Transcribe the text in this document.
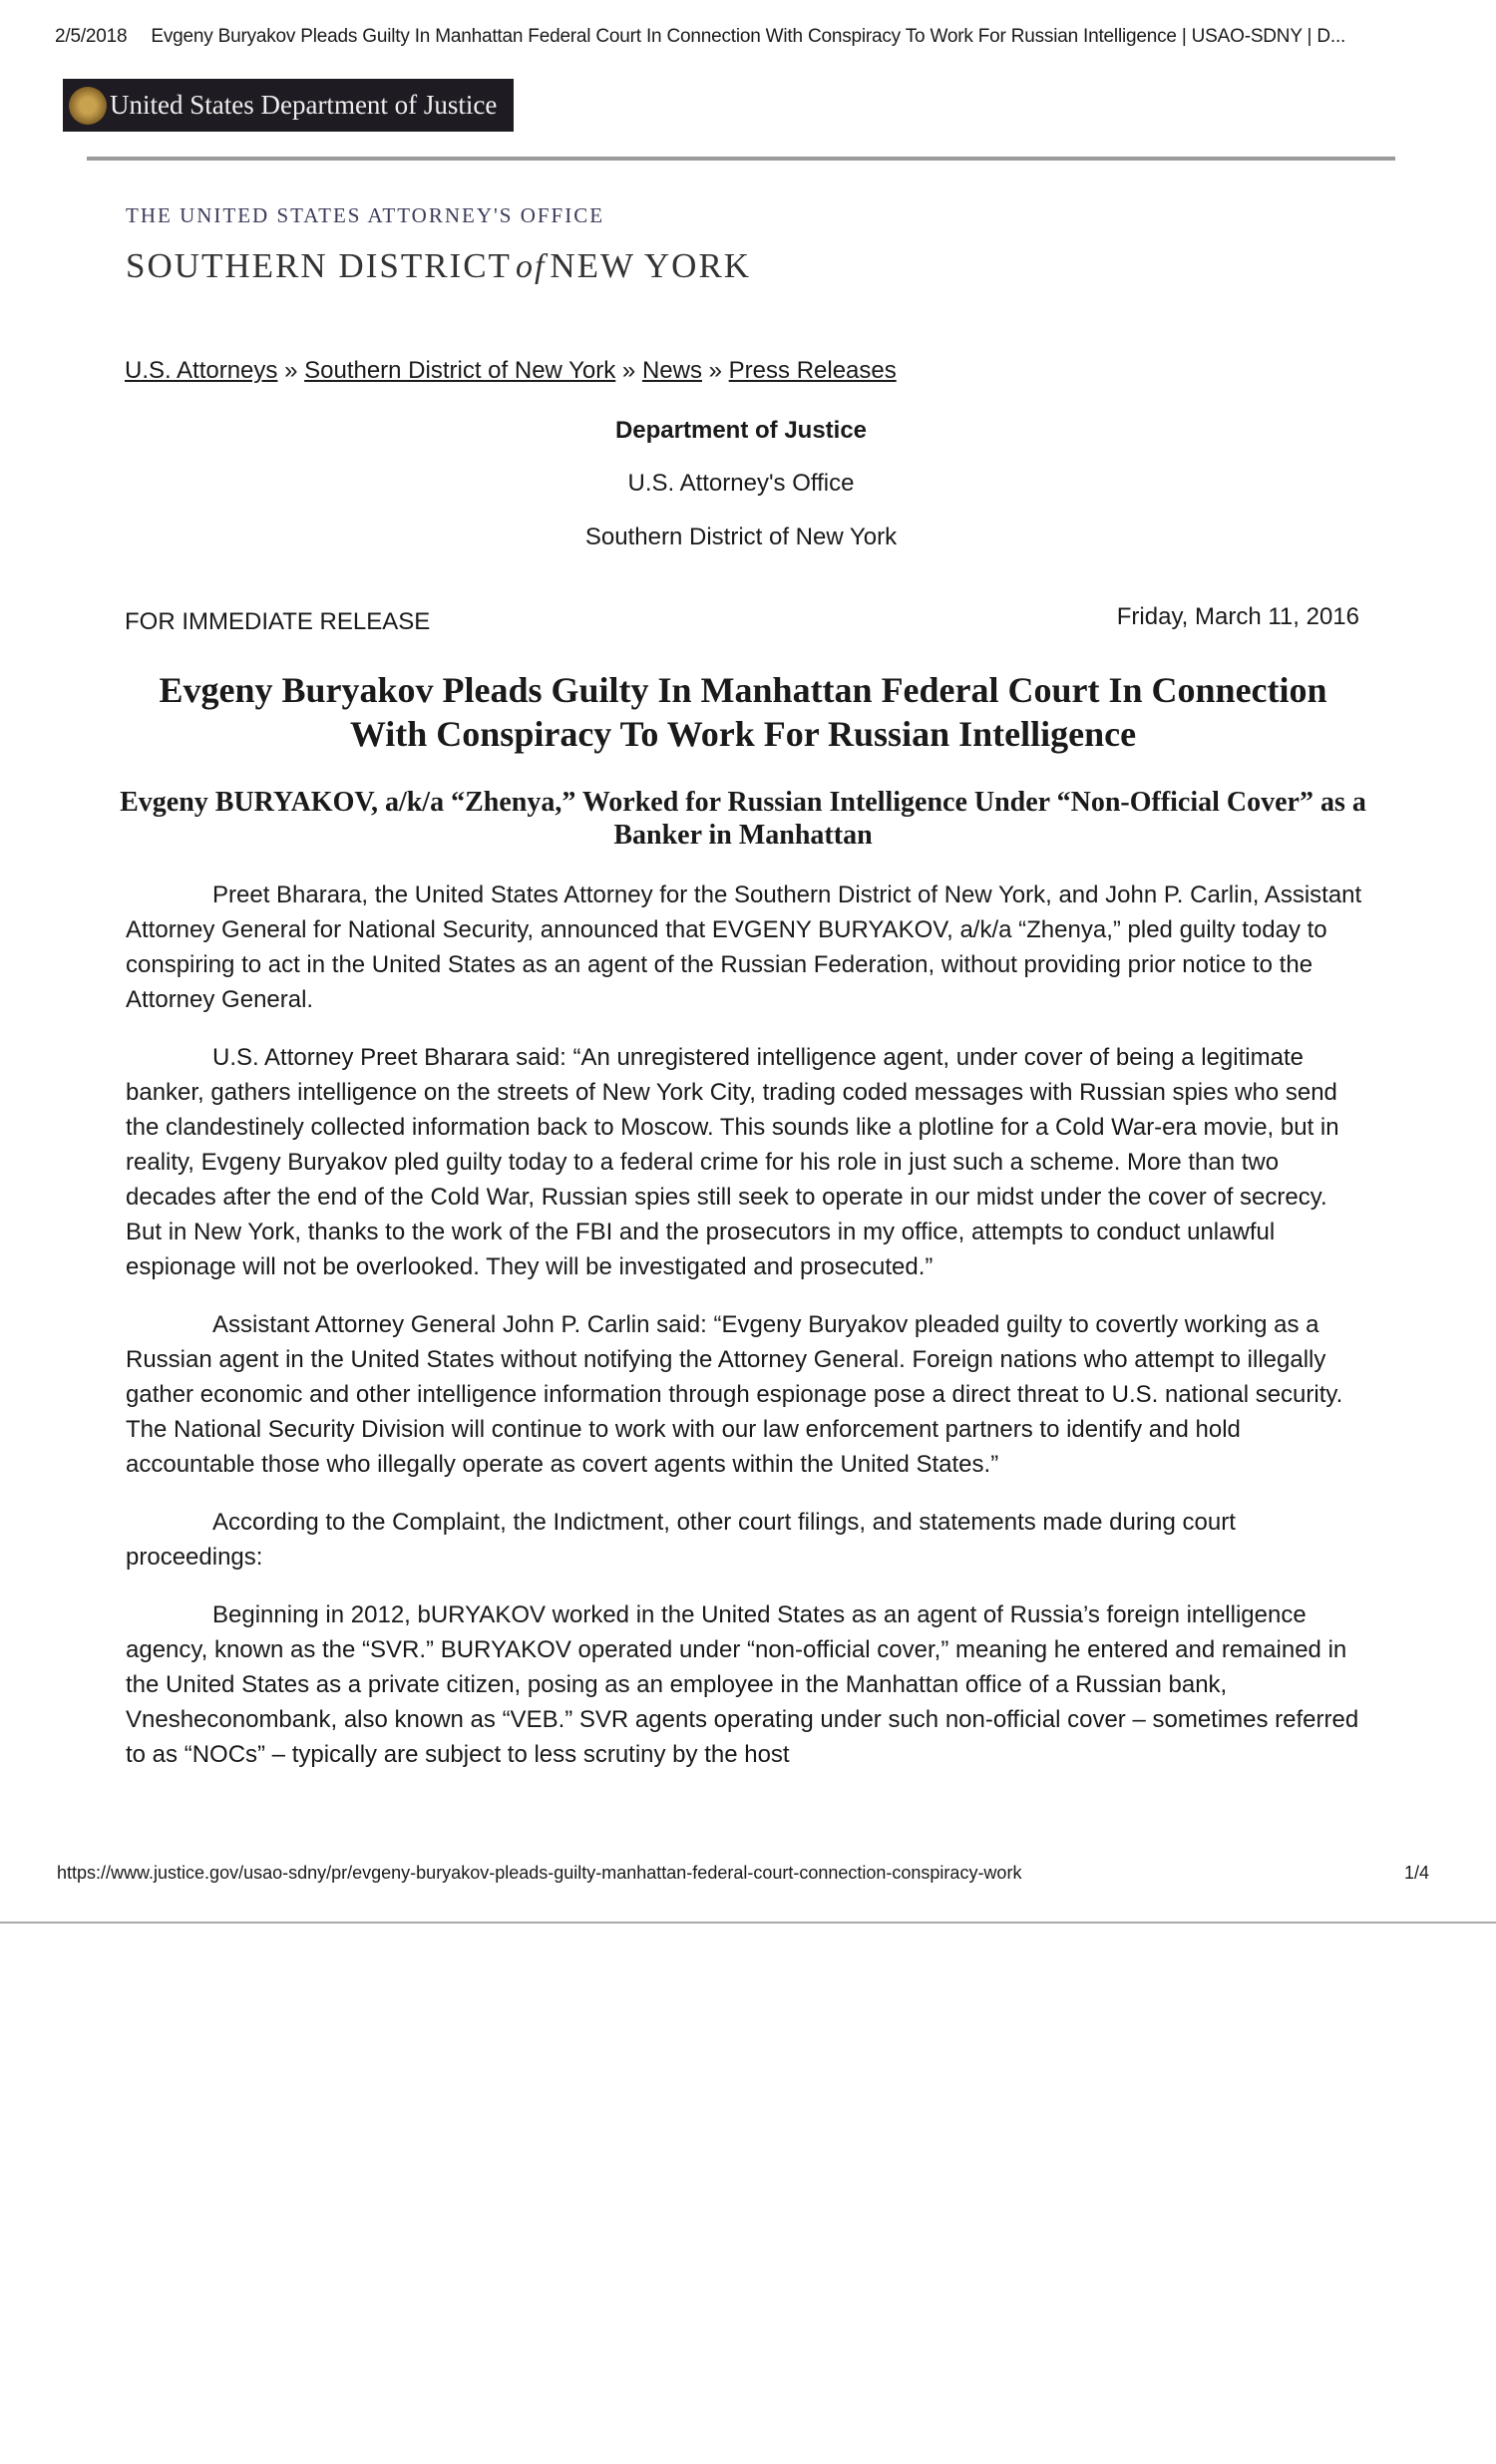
2/5/2018 Evgeny Buryakov Pleads Guilty In Manhattan Federal Court In Connection With Conspiracy To Work For Russian Intelligence | USAO-SDNY | D...
United States Department of Justice
THE UNITED STATES ATTORNEY'S OFFICE
SOUTHERN DISTRICT of NEW YORK
U.S. Attorneys » Southern District of New York » News » Press Releases
Department of Justice
U.S. Attorney's Office
Southern District of New York
FOR IMMEDIATE RELEASE	Friday, March 11, 2016
Evgeny Buryakov Pleads Guilty In Manhattan Federal Court In Connection With Conspiracy To Work For Russian Intelligence
Evgeny BURYAKOV, a/k/a “Zhenya,” Worked for Russian Intelligence Under “Non-Official Cover” as a Banker in Manhattan

Preet Bharara, the United States Attorney for the Southern District of New York, and John P. Carlin, Assistant Attorney General for National Security, announced that EVGENY BURYAKOV, a/k/a “Zhenya,” pled guilty today to conspiring to act in the United States as an agent of the Russian Federation, without providing prior notice to the Attorney General.

U.S. Attorney Preet Bharara said: “An unregistered intelligence agent, under cover of being a legitimate banker, gathers intelligence on the streets of New York City, trading coded messages with Russian spies who send the clandestinely collected information back to Moscow. This sounds like a plotline for a Cold War-era movie, but in reality, Evgeny Buryakov pled guilty today to a federal crime for his role in just such a scheme. More than two decades after the end of the Cold War, Russian spies still seek to operate in our midst under the cover of secrecy. But in New York, thanks to the work of the FBI and the prosecutors in my office, attempts to conduct unlawful espionage will not be overlooked. They will be investigated and prosecuted.”

Assistant Attorney General John P. Carlin said: “Evgeny Buryakov pleaded guilty to covertly working as a Russian agent in the United States without notifying the Attorney General. Foreign nations who attempt to illegally gather economic and other intelligence information through espionage pose a direct threat to U.S. national security. The National Security Division will continue to work with our law enforcement partners to identify and hold accountable those who illegally operate as covert agents within the United States.”

According to the Complaint, the Indictment, other court filings, and statements made during court proceedings:

Beginning in 2012, bURYAKOV worked in the United States as an agent of Russia’s foreign intelligence agency, known as the “SVR.” BURYAKOV operated under “non-official cover,” meaning he entered and remained in the United States as a private citizen, posing as an employee in the Manhattan office of a Russian bank, Vnesheconombank, also known as “VEB.” SVR agents operating under such non-official cover – sometimes referred to as “NOCs” – typically are subject to less scrutiny by the host

https://www.justice.gov/usao-sdny/pr/evgeny-buryakov-pleads-guilty-manhattan-federal-court-connection-conspiracy-work	1/4
